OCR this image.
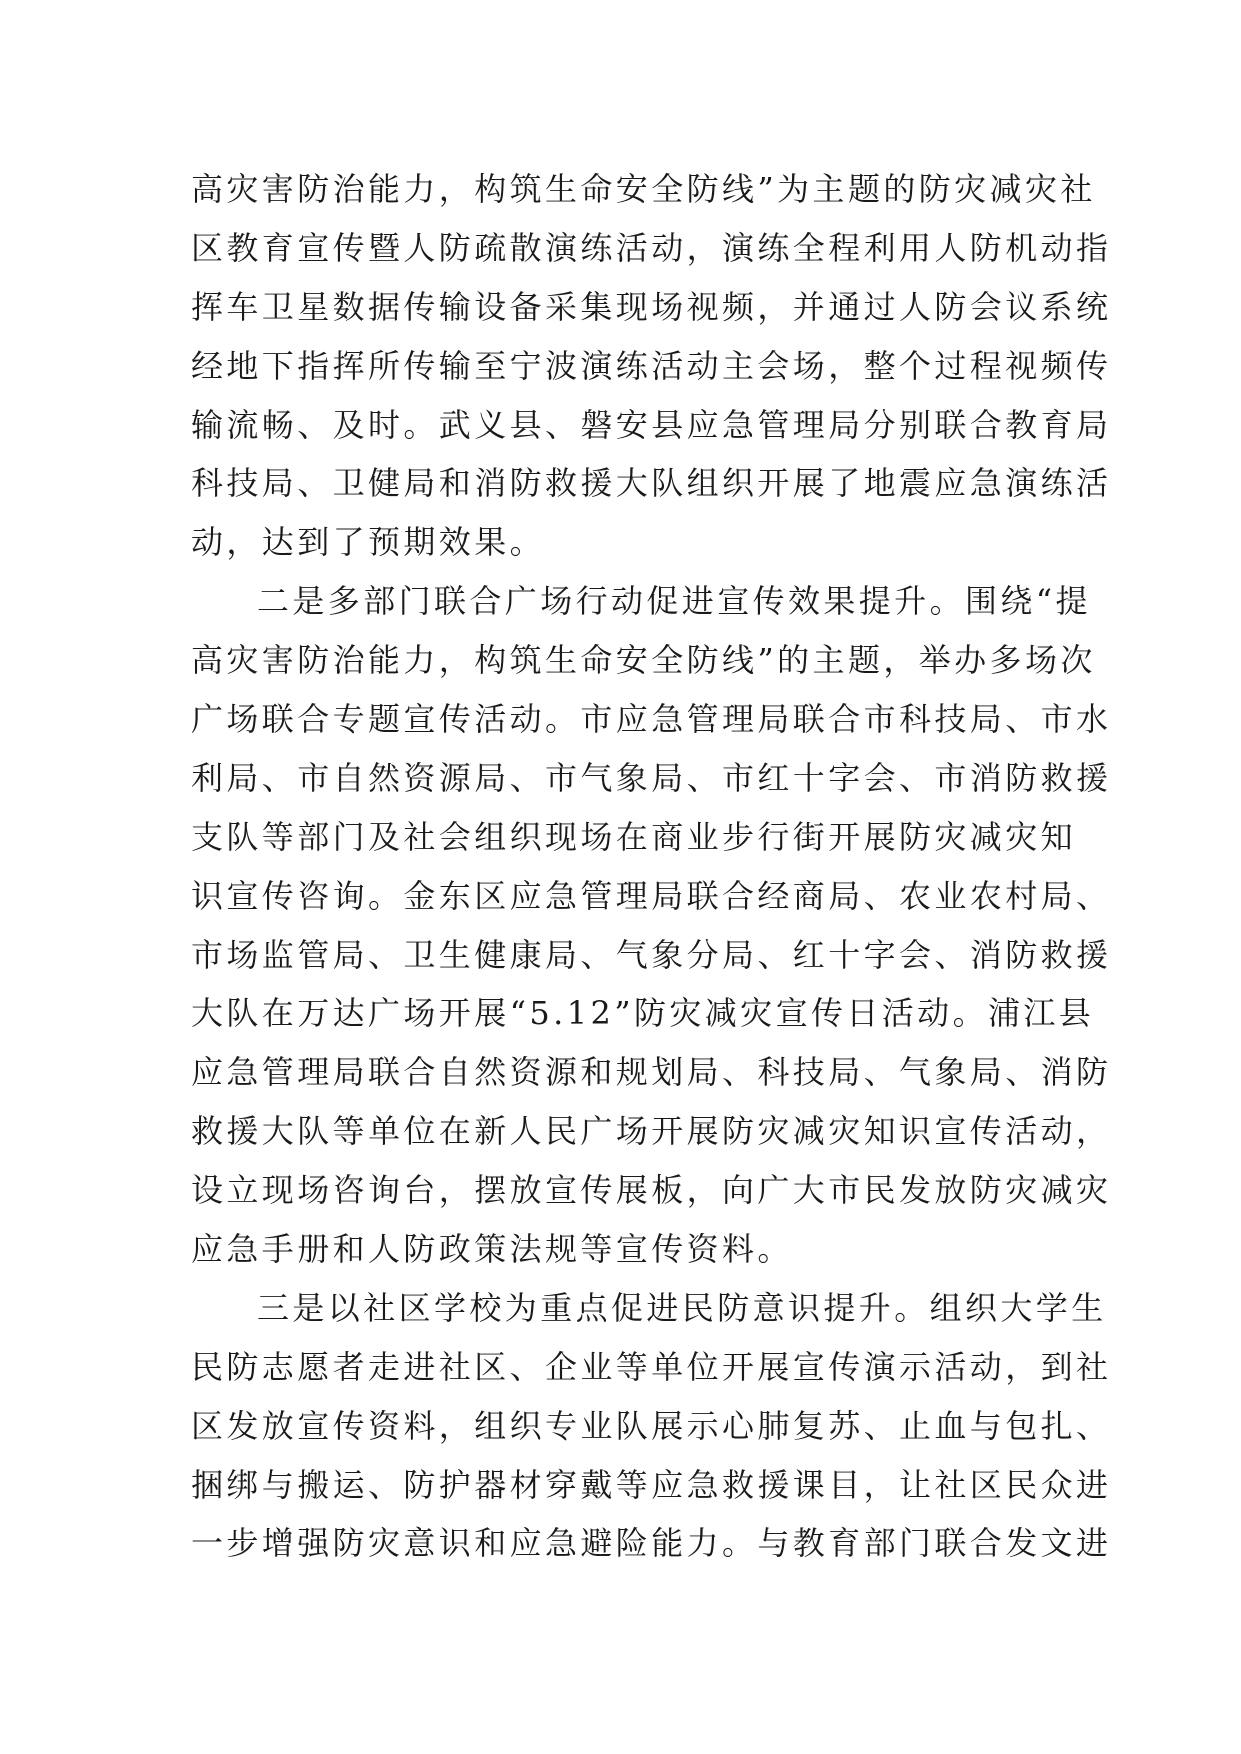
高灾害防治能力，构筑生命安全防线”为主题的防灾减灾社
区教育宣传暨人防疏散演练活动，演练全程利用人防机动指
挥车卫星数据传输设备采集现场视频，并通过人防会议系统
经地下指挥所传输至宁波演练活动主会场，整个过程视频传
输流畅、及时。武义县、磐安县应急管理局分别联合教育局
科技局、卫健局和消防救援大队组织开展了地震应急演练活
动，达到了预期效果。
二是多部门联合广场行动促进宣传效果提升。围绕“提
高灾害防治能力，构筑生命安全防线”的主题，举办多场次
广场联合专题宣传活动。市应急管理局联合市科技局、市水
利局、市自然资源局、市气象局、市红十字会、市消防救援
支队等部门及社会组织现场在商业步行街开展防灾减灾知
识宣传咨询。金东区应急管理局联合经商局、农业农村局、
市场监管局、卫生健康局、气象分局、红十字会、消防救援
大队在万达广场开展“5.12”防灾减灾宣传日活动。浦江县
应急管理局联合自然资源和规划局、科技局、气象局、消防
救援大队等单位在新人民广场开展防灾减灾知识宣传活动，
设立现场咨询台，摆放宣传展板，向广大市民发放防灾减灾
应急手册和人防政策法规等宣传资料。
三是以社区学校为重点促进民防意识提升。组织大学生
民防志愿者走进社区、企业等单位开展宣传演示活动，到社
区发放宣传资料，组织专业队展示心肺复苏、止血与包扎、
捆绑与搬运、防护器材穿戴等应急救援课目，让社区民众进
一步增强防灾意识和应急避险能力。与教育部门联合发文进
